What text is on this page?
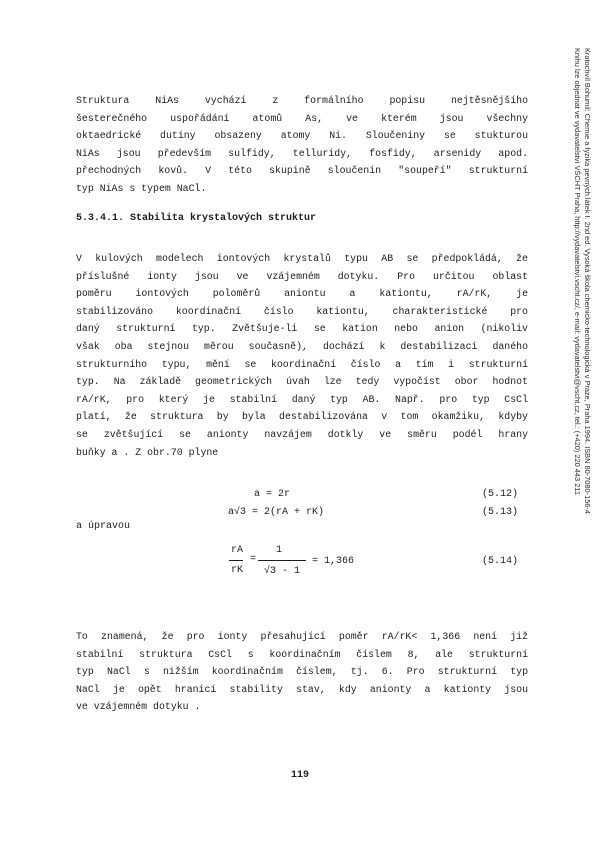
Kratochvíl Bohumil: Chemie a fyzika pevných látek I. 2nd ed. Vysoká škola chemicko-technologická v Praze, Praha 1994. ISBN 80-7080-156-4
Knihu lze objednat ve vydavatelství VŠCHT Praha, http://vydavatelstvi.vscht.cz/, e-mail: vydavatelstvi@vscht.cz, tel.: (+420) 220 443 211
Struktura NiAs vychází z formálního popisu nejtěsnějšího
šesterečného uspořádání atomů As, ve kterém jsou všechny
oktaedrické dutiny obsazeny atomy Ni. Sloučeniny se stukturou
NiAs jsou především sulfidy, telluridy, fosfidy, arsenidy apod.
přechodných kovů. V této skupině sloučenin "soupeří" strukturní
typ NiAs s typem NaCl.
5.3.4.1. Stabilita krystalových struktur
V kulových modelech iontových krystalů typu AB se předpokládá, že
příslušné ionty jsou ve vzájemném dotyku. Pro určitou oblast
poměru iontových poloměrů aniontu a kationtu, rA/rK, je
stabilizováno koordinační číslo kationtu, charakteristické pro
daný strukturní typ. Zvětšuje-li se kation nebo anion (nikoliv
však oba stejnou měrou současně), dochází k destabilizaci daného
strukturního typu, mění se koordinační číslo a tím i strukturní
typ. Na základě geometrických úvah lze tedy vypočíst obor hodnot
rA/rK, pro který je stabilní daný typ AB. Např. pro typ CsCl
platí, že struktura by byla destabilizována v tom okamžiku, kdyby
se zvětšující se anionty navzájem dotkly ve směru podél hrany
buňky a . Z obr.70 plyne
a = 2r	(5.12)
a√3 = 2(rA + rK)	(5.13)
a úpravou
rA
rK
=
1
√3 - 1
= 1,366	(5.14)
To znamená, že pro ionty přesahující poměr rA/rK< 1,366 není již
stabilní struktura CsCl s koordinačním číslem 8, ale strukturní
typ NaCl s nižším koordinačním číslem, tj. 6. Pro strukturní typ
NaCl je opět hranicí stability stav, kdy anionty a kationty jsou
ve vzájemném dotyku .
119
